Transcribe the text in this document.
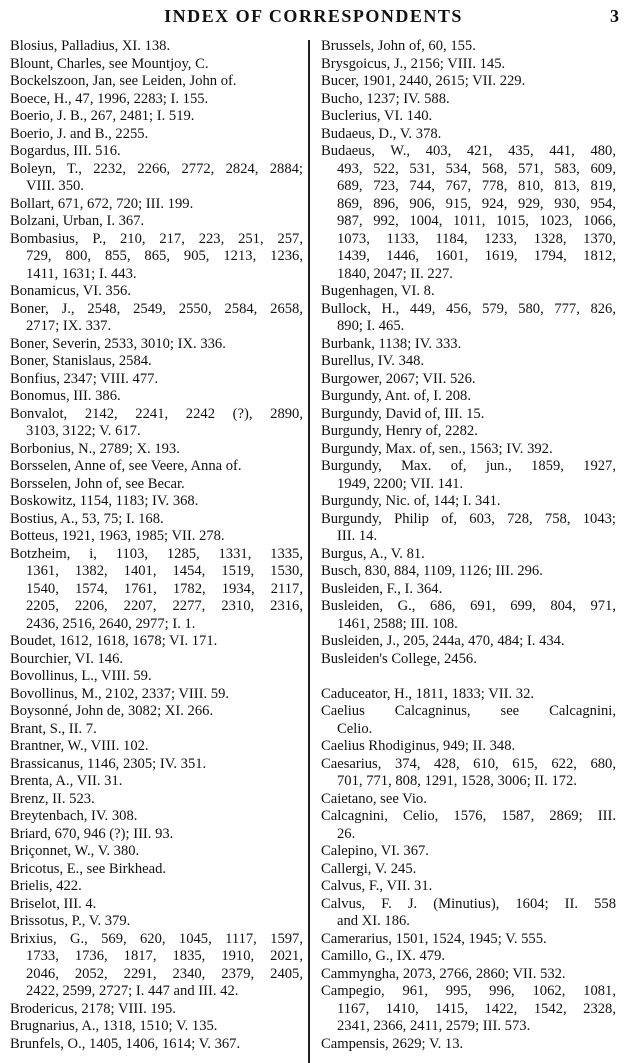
INDEX OF CORRESPONDENTS	3
Blosius, Palladius, XI. 138.
Blount, Charles, see Mountjoy, C.
Bockelszoon, Jan, see Leiden, John of.
Boece, H., 47, 1996, 2283; I. 155.
Boerio, J. B., 267, 2481; I. 519.
Boerio, J. and B., 2255.
Bogardus, III. 516.
Boleyn, T., 2232, 2266, 2772, 2824, 2884;
VIII. 350.
Bollart, 671, 672, 720; III. 199.
Bolzani, Urban, I. 367.
Bombasius, P., 210, 217, 223, 251, 257,
729, 800, 855, 865, 905, 1213, 1236,
1411, 1631; I. 443.
Bonamicus, VI. 356.
Boner, J., 2548, 2549, 2550, 2584, 2658,
2717; IX. 337.
Boner, Severin, 2533, 3010; IX. 336.
Boner, Stanislaus, 2584.
Bonfius, 2347; VIII. 477.
Bonomus, III. 386.
Bonvalot, 2142, 2241, 2242 (?), 2890,
3103, 3122; V. 617.
Borbonius, N., 2789; X. 193.
Borsselen, Anne of, see Veere, Anna of.
Borsselen, John of, see Becar.
Boskowitz, 1154, 1183; IV. 368.
Bostius, A., 53, 75; I. 168.
Botteus, 1921, 1963, 1985; VII. 278.
Botzheim, i, 1103, 1285, 1331, 1335,
1361, 1382, 1401, 1454, 1519, 1530,
1540, 1574, 1761, 1782, 1934, 2117,
2205, 2206, 2207, 2277, 2310, 2316,
2436, 2516, 2640, 2977; I. 1.
Boudet, 1612, 1618, 1678; VI. 171.
Bourchier, VI. 146.
Bovollinus, L., VIII. 59.
Bovollinus, M., 2102, 2337; VIII. 59.
Boysonné, John de, 3082; XI. 266.
Brant, S., II. 7.
Brantner, W., VIII. 102.
Brassicanus, 1146, 2305; IV. 351.
Brenta, A., VII. 31.
Brenz, II. 523.
Breytenbach, IV. 308.
Briard, 670, 946 (?); III. 93.
Briçonnet, W., V. 380.
Bricotus, E., see Birkhead.
Brielis, 422.
Briselot, III. 4.
Brissotus, P., V. 379.
Brixius, G., 569, 620, 1045, 1117, 1597,
1733, 1736, 1817, 1835, 1910, 2021,
2046, 2052, 2291, 2340, 2379, 2405,
2422, 2599, 2727; I. 447 and III. 42.
Brodericus, 2178; VIII. 195.
Brugnarius, A., 1318, 1510; V. 135.
Brunfels, O., 1405, 1406, 1614; V. 367.
Brussels, John of, 60, 155.
Brysgoicus, J., 2156; VIII. 145.
Bucer, 1901, 2440, 2615; VII. 229.
Bucho, 1237; IV. 588.
Buclerius, VI. 140.
Budaeus, D., V. 378.
Budaeus, W., 403, 421, 435, 441, 480,
493, 522, 531, 534, 568, 571, 583, 609,
689, 723, 744, 767, 778, 810, 813, 819,
869, 896, 906, 915, 924, 929, 930, 954,
987, 992, 1004, 1011, 1015, 1023, 1066,
1073, 1133, 1184, 1233, 1328, 1370,
1439, 1446, 1601, 1619, 1794, 1812,
1840, 2047; II. 227.
Bugenhagen, VI. 8.
Bullock, H., 449, 456, 579, 580, 777, 826,
890; I. 465.
Burbank, 1138; IV. 333.
Burellus, IV. 348.
Burgower, 2067; VII. 526.
Burgundy, Ant. of, I. 208.
Burgundy, David of, III. 15.
Burgundy, Henry of, 2282.
Burgundy, Max. of, sen., 1563; IV. 392.
Burgundy, Max. of, jun., 1859, 1927,
1949, 2200; VII. 141.
Burgundy, Nic. of, 144; I. 341.
Burgundy, Philip of, 603, 728, 758, 1043;
III. 14.
Burgus, A., V. 81.
Busch, 830, 884, 1109, 1126; III. 296.
Busleiden, F., I. 364.
Busleiden, G., 686, 691, 699, 804, 971,
1461, 2588; III. 108.
Busleiden, J., 205, 244a, 470, 484; I. 434.
Busleiden's College, 2456.
Caduceator, H., 1811, 1833; VII. 32.
Caelius Calcagninus, see Calcagnini,
Celio.
Caelius Rhodiginus, 949; II. 348.
Caesarius, 374, 428, 610, 615, 622, 680,
701, 771, 808, 1291, 1528, 3006; II. 172.
Caietano, see Vio.
Calcagnini, Celio, 1576, 1587, 2869; III.
26.
Calepino, VI. 367.
Callergi, V. 245.
Calvus, F., VII. 31.
Calvus, F. J. (Minutius), 1604; II. 558
and XI. 186.
Camerarius, 1501, 1524, 1945; V. 555.
Camillo, G., IX. 479.
Cammyngha, 2073, 2766, 2860; VII. 532.
Campegio, 961, 995, 996, 1062, 1081,
1167, 1410, 1415, 1422, 1542, 2328,
2341, 2366, 2411, 2579; III. 573.
Campensis, 2629; V. 13.
